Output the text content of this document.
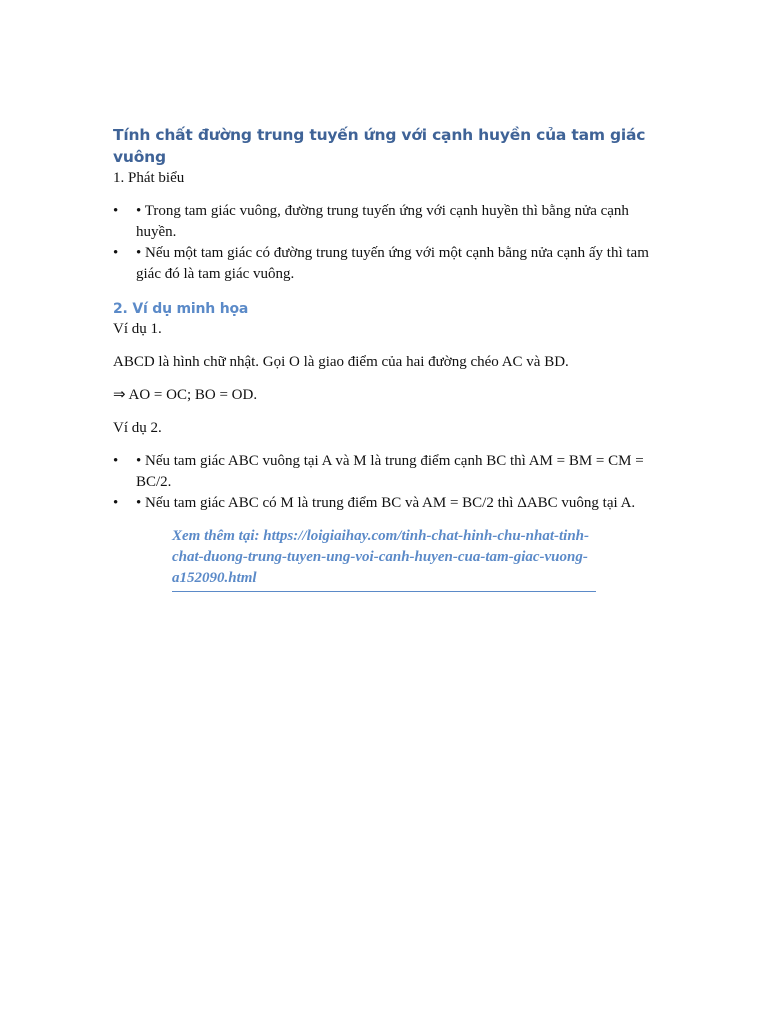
Tính chất đường trung tuyến ứng với cạnh huyền của tam giác vuông

1. Phát biểu

• • Trong tam giác vuông, đường trung tuyến ứng với cạnh huyền thì bằng nửa cạnh huyền.
• • Nếu một tam giác có đường trung tuyến ứng với một cạnh bằng nửa cạnh ấy thì tam giác đó là tam giác vuông.
2. Ví dụ minh họa

Ví dụ 1.

ABCD là hình chữ nhật. Gọi O là giao điểm của hai đường chéo AC và BD.

⇒ AO = OC; BO = OD.

Ví dụ 2.

• • Nếu tam giác ABC vuông tại A và M là trung điểm cạnh BC thì AM = BM = CM = BC/2.
• • Nếu tam giác ABC có M là trung điểm BC và AM = BC/2 thì ΔABC vuông tại A.
Xem thêm tại: https://loigiaihay.com/tinh-chat-hinh-chu-nhat-tinh-chat-duong-trung-tuyen-ung-voi-canh-huyen-cua-tam-giac-vuong-a152090.html
